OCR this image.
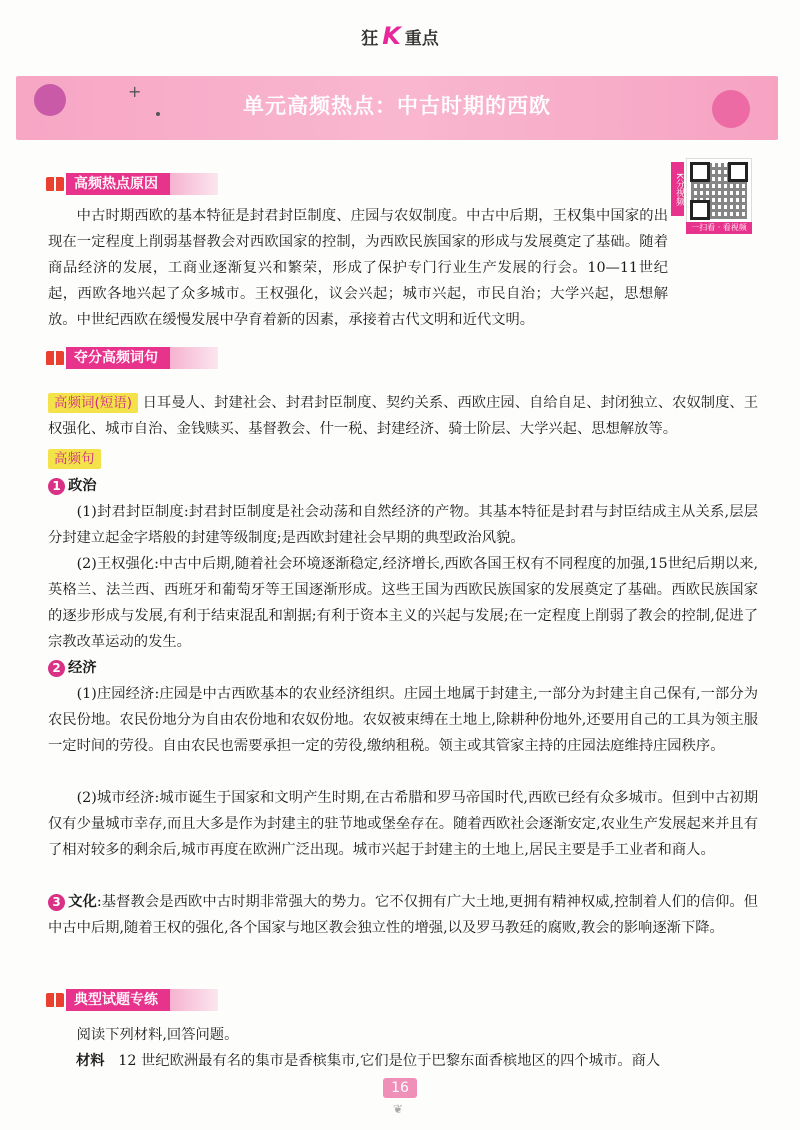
狂 K 重点
+
单元高频热点：中古时期的西欧
高频热点原因	K分视频
一扫看 · 看视频
中古时期西欧的基本特征是封君封臣制度、庄园与农奴制度。中古中后期，王权集中国家的出现在一定程度上削弱基督教会对西欧国家的控制，为西欧民族国家的形成与发展奠定了基础。随着商品经济的发展，工商业逐渐复兴和繁荣，形成了保护专门行业生产发展的行会。10—11世纪起，西欧各地兴起了众多城市。王权强化，议会兴起；城市兴起，市民自治；大学兴起，思想解放。中世纪西欧在缓慢发展中孕育着新的因素，承接着古代文明和近代文明。
夺分高频词句
高频词(短语) 日耳曼人、封建社会、封君封臣制度、契约关系、西欧庄园、自给自足、封闭独立、农奴制度、王权强化、城市自治、金钱赎买、基督教会、什一税、封建经济、骑士阶层、大学兴起、思想解放等。
高频句
1 政治
(1)封君封臣制度:封君封臣制度是社会动荡和自然经济的产物。其基本特征是封君与封臣结成主从关系,层层分封建立起金字塔般的封建等级制度;是西欧封建社会早期的典型政治风貌。
(2)王权强化:中古中后期,随着社会环境逐渐稳定,经济增长,西欧各国王权有不同程度的加强,15世纪后期以来,英格兰、法兰西、西班牙和葡萄牙等王国逐渐形成。这些王国为西欧民族国家的发展奠定了基础。西欧民族国家的逐步形成与发展,有利于结束混乱和割据;有利于资本主义的兴起与发展;在一定程度上削弱了教会的控制,促进了宗教改革运动的发生。
2 经济
(1)庄园经济:庄园是中古西欧基本的农业经济组织。庄园土地属于封建主,一部分为封建主自己保有,一部分为农民份地。农民份地分为自由农份地和农奴份地。农奴被束缚在土地上,除耕种份地外,还要用自己的工具为领主服一定时间的劳役。自由农民也需要承担一定的劳役,缴纳租税。领主或其管家主持的庄园法庭维持庄园秩序。
(2)城市经济:城市诞生于国家和文明产生时期,在古希腊和罗马帝国时代,西欧已经有众多城市。但到中古初期仅有少量城市幸存,而且大多是作为封建主的驻节地或堡垒存在。随着西欧社会逐渐安定,农业生产发展起来并且有了相对较多的剩余后,城市再度在欧洲广泛出现。城市兴起于封建主的土地上,居民主要是手工业者和商人。
3 文化:基督教会是西欧中古时期非常强大的势力。它不仅拥有广大土地,更拥有精神权威,控制着人们的信仰。但中古中后期,随着王权的强化,各个国家与地区教会独立性的增强,以及罗马教廷的腐败,教会的影响逐渐下降。
典型试题专练
阅读下列材料,回答问题。
材料 12 世纪欧洲最有名的集市是香槟集市,它们是位于巴黎东面香槟地区的四个城市。商人
16
❦
